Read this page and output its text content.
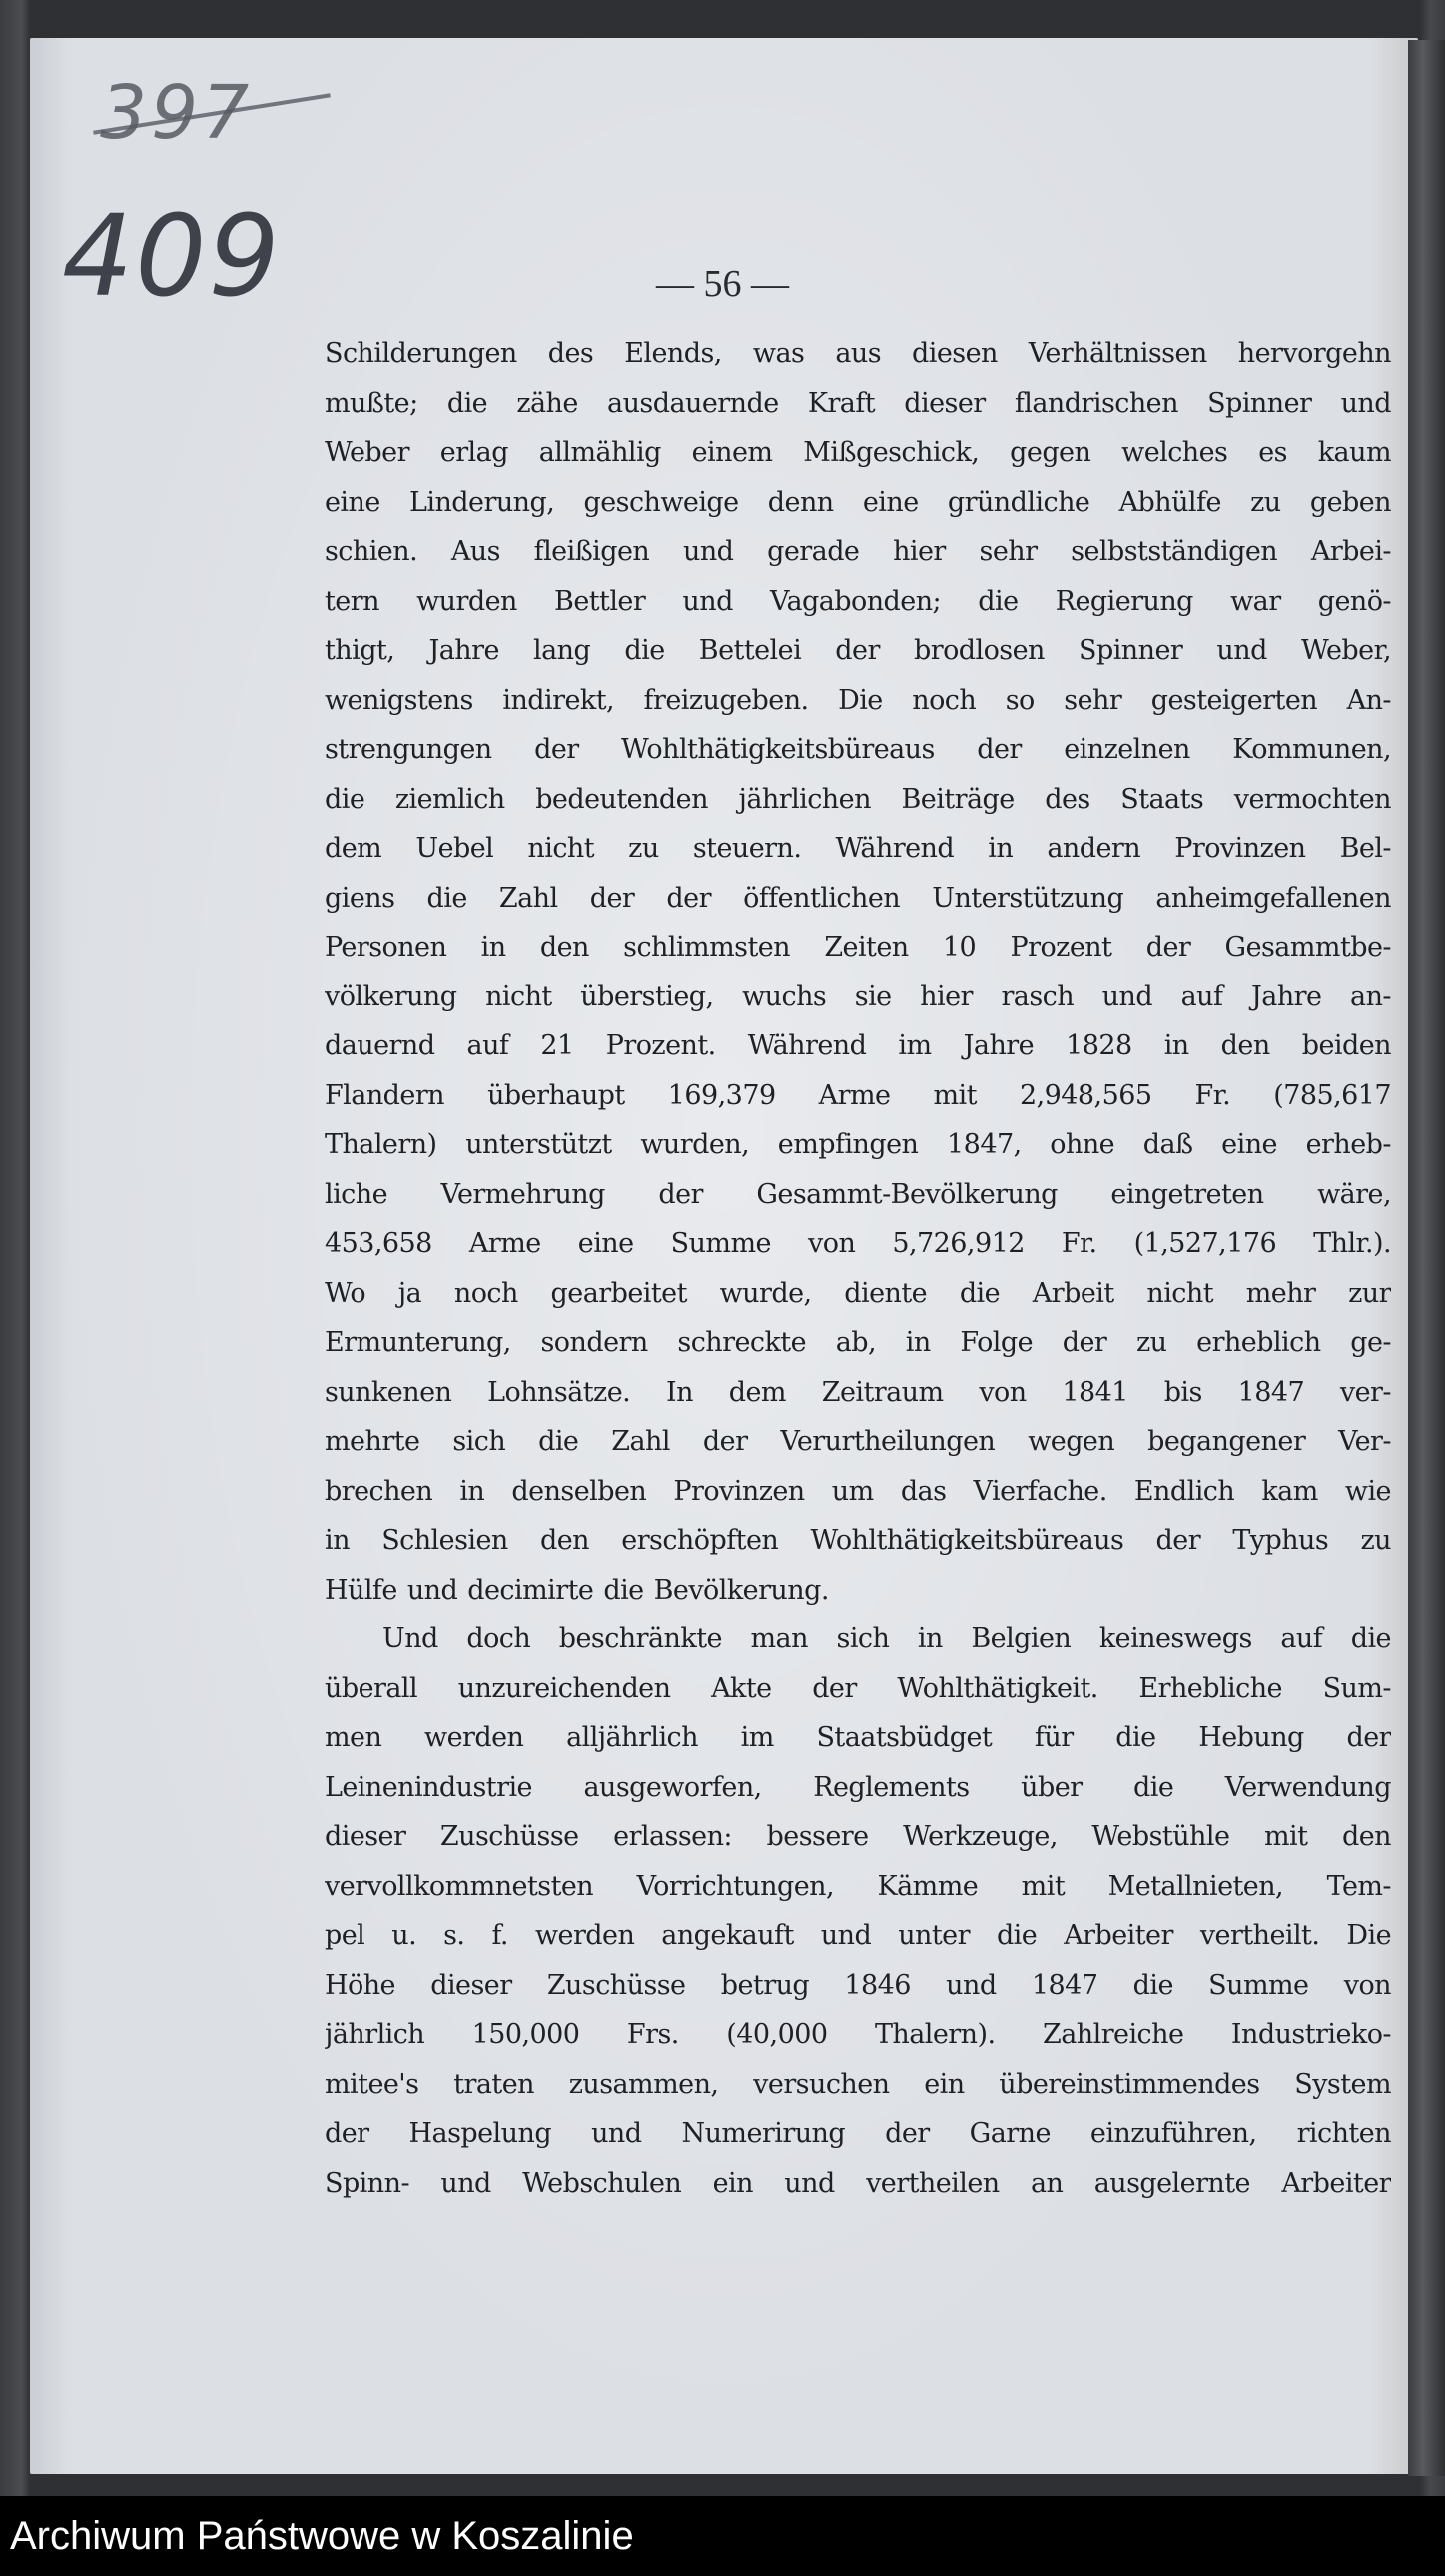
397
409	— 56 —
Schilderungen des Elends, was aus diesen Verhältnissen hervorgehn
mußte; die zähe ausdauernde Kraft dieser flandrischen Spinner und
Weber erlag allmählig einem Mißgeschick, gegen welches es kaum
eine Linderung, geschweige denn eine gründliche Abhülfe zu geben
schien. Aus fleißigen und gerade hier sehr selbstständigen Arbei-
tern wurden Bettler und Vagabonden; die Regierung war genö-
thigt, Jahre lang die Bettelei der brodlosen Spinner und Weber,
wenigstens indirekt, freizugeben. Die noch so sehr gesteigerten An-
strengungen der Wohlthätigkeitsbüreaus der einzelnen Kommunen,
die ziemlich bedeutenden jährlichen Beiträge des Staats vermochten
dem Uebel nicht zu steuern. Während in andern Provinzen Bel-
giens die Zahl der der öffentlichen Unterstützung anheimgefallenen
Personen in den schlimmsten Zeiten 10 Prozent der Gesammtbe-
völkerung nicht überstieg, wuchs sie hier rasch und auf Jahre an-
dauernd auf 21 Prozent. Während im Jahre 1828 in den beiden
Flandern überhaupt 169,379 Arme mit 2,948,565 Fr. (785,617
Thalern) unterstützt wurden, empfingen 1847, ohne daß eine erheb-
liche Vermehrung der Gesammt-Bevölkerung eingetreten wäre,
453,658 Arme eine Summe von 5,726,912 Fr. (1,527,176 Thlr.).
Wo ja noch gearbeitet wurde, diente die Arbeit nicht mehr zur
Ermunterung, sondern schreckte ab, in Folge der zu erheblich ge-
sunkenen Lohnsätze. In dem Zeitraum von 1841 bis 1847 ver-
mehrte sich die Zahl der Verurtheilungen wegen begangener Ver-
brechen in denselben Provinzen um das Vierfache. Endlich kam wie
in Schlesien den erschöpften Wohlthätigkeitsbüreaus der Typhus zu
Hülfe und decimirte die Bevölkerung.
Und doch beschränkte man sich in Belgien keineswegs auf die
überall unzureichenden Akte der Wohlthätigkeit. Erhebliche Sum-
men werden alljährlich im Staatsbüdget für die Hebung der
Leinenindustrie ausgeworfen, Reglements über die Verwendung
dieser Zuschüsse erlassen: bessere Werkzeuge, Webstühle mit den
vervollkommnetsten Vorrichtungen, Kämme mit Metallnieten, Tem-
pel u. s. f. werden angekauft und unter die Arbeiter vertheilt. Die
Höhe dieser Zuschüsse betrug 1846 und 1847 die Summe von
jährlich 150,000 Frs. (40,000 Thalern). Zahlreiche Industrieko-
mitee's traten zusammen, versuchen ein übereinstimmendes System
der Haspelung und Numerirung der Garne einzuführen, richten
Spinn- und Webschulen ein und vertheilen an ausgelernte Arbeiter
Archiwum Państwowe w Koszalinie
